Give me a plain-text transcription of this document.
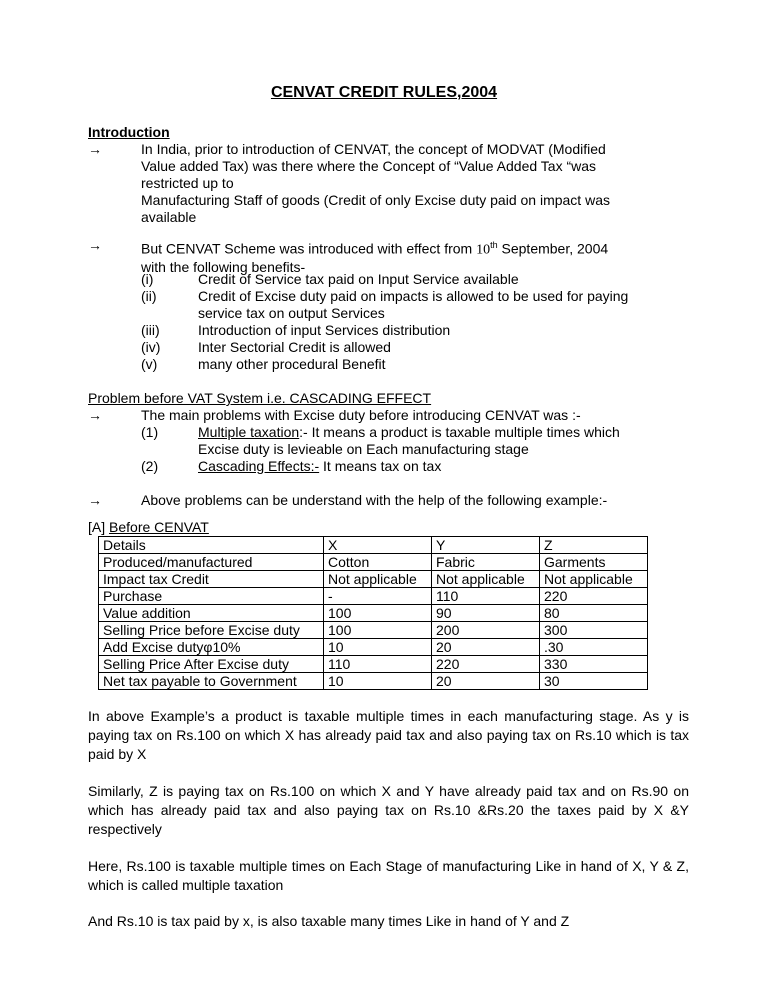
CENVAT CREDIT RULES,2004
Introduction
→	In India, prior to introduction of CENVAT, the concept of MODVAT (Modified
Value added Tax) was there where the Concept of “Value Added Tax “was
restricted up to
Manufacturing Staff of goods (Credit of only Excise duty paid on impact was
available
→	But CENVAT Scheme was introduced with effect from 10th September, 2004
with the following benefits-
(i)	Credit of Service tax paid on Input Service available
(ii)	Credit of Excise duty paid on impacts is allowed to be used for paying
service tax on output Services
(iii)	Introduction of input Services distribution
(iv)	Inter Sectorial Credit is allowed
(v)	many other procedural Benefit
Problem before VAT System i.e. CASCADING EFFECT
→	The main problems with Excise duty before introducing CENVAT was :-
(1)	Multiple taxation:- It means a product is taxable multiple times which
Excise duty is levieable on Each manufacturing stage
(2)	Cascading Effects:- It means tax on tax
→	Above problems can be understand with the help of the following example:-
[A] Before CENVAT
Details	X	Y	Z
Produced/manufactured	Cotton	Fabric	Garments
Impact tax Credit	Not applicable	Not applicable	Not applicable
Purchase	-	110	220
Value addition	100	90	80
Selling Price before Excise duty	100	200	300
Add Excise dutyφ10%	10	20	.30
Selling Price After Excise duty	110	220	330
Net tax payable to Government	10	20	30
In above Example’s a product is taxable multiple times in each manufacturing stage. As y is paying tax on Rs.100 on which X has already paid tax and also paying tax on Rs.10 which is tax paid by X
Similarly, Z is paying tax on Rs.100 on which X and Y have already paid tax and on Rs.90 on which has already paid tax and also paying tax on Rs.10 &Rs.20 the taxes paid by X &Y respectively
Here, Rs.100 is taxable multiple times on Each Stage of manufacturing Like in hand of X, Y & Z, which is called multiple taxation
And Rs.10 is tax paid by x, is also taxable many times Like in hand of Y and Z
